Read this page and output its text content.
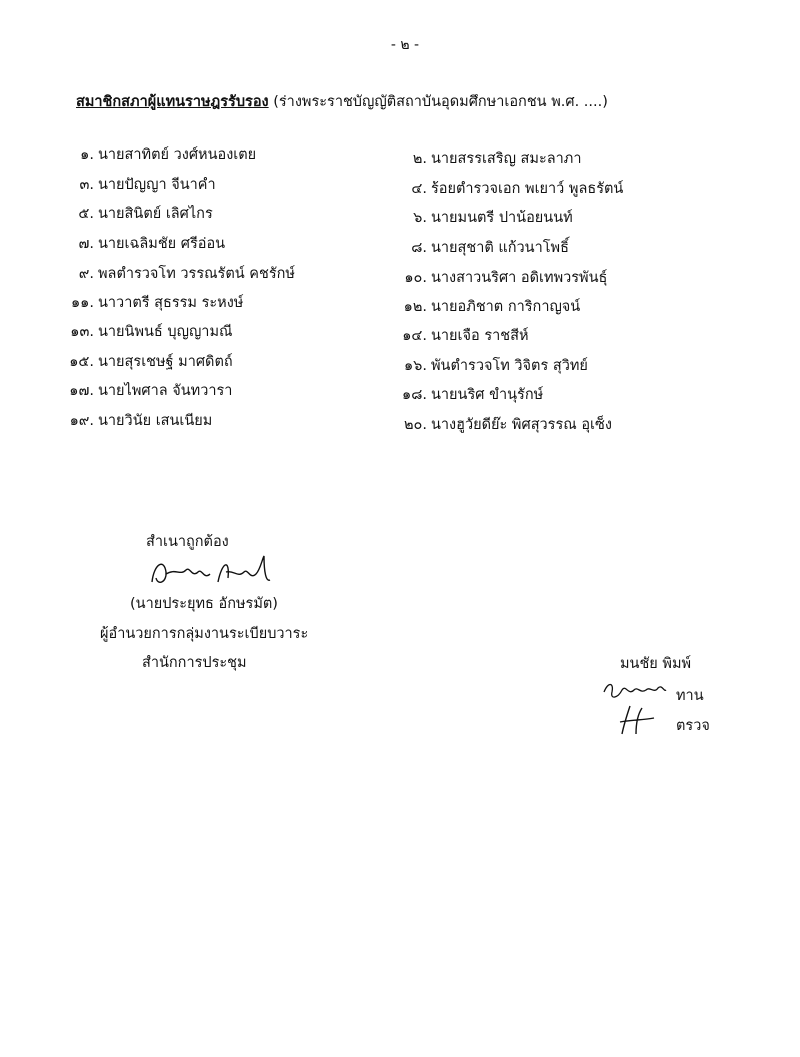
- ๒ -
สมาชิกสภาผู้แทนราษฎรรับรอง (ร่างพระราชบัญญัติสถาบันอุดมศึกษาเอกชน พ.ศ. ....)
๑. นายสาทิตย์ วงศ์หนองเตย	๒. นายสรรเสริญ สมะลาภา
๓. นายปัญญา จีนาคำ	๔. ร้อยตำรวจเอก พเยาว์ พูลธรัตน์
๕. นายสินิตย์ เลิศไกร	๖. นายมนตรี ปาน้อยนนท์
๗. นายเฉลิมชัย ศรีอ่อน	๘. นายสุชาติ แก้วนาโพธิ์
๙. พลตำรวจโท วรรณรัตน์ คชรักษ์	๑๐. นางสาวนริศา อดิเทพวรพันธุ์
๑๑. นาวาตรี สุธรรม ระหงษ์	๑๒. นายอภิชาต การิกาญจน์
๑๓. นายนิพนธ์ บุญญามณี	๑๔. นายเจือ ราชสีห์
๑๕. นายสุรเชษฐ์ มาศดิตถ์	๑๖. พันตำรวจโท วิจิตร สุวิทย์
๑๗. นายไพศาล จันทวารา	๑๘. นายนริศ ขำนุรักษ์
๑๙. นายวินัย เสนเนียม	๒๐. นางฮูวัยดีย๊ะ พิศสุวรรณ อุเซ็ง
สำเนาถูกต้อง
(นายประยุทธ อักษรมัต)
ผู้อำนวยการกลุ่มงานระเบียบวาระ
สำนักการประชุม	มนชัย พิมพ์
ทาน
ตรวจ
